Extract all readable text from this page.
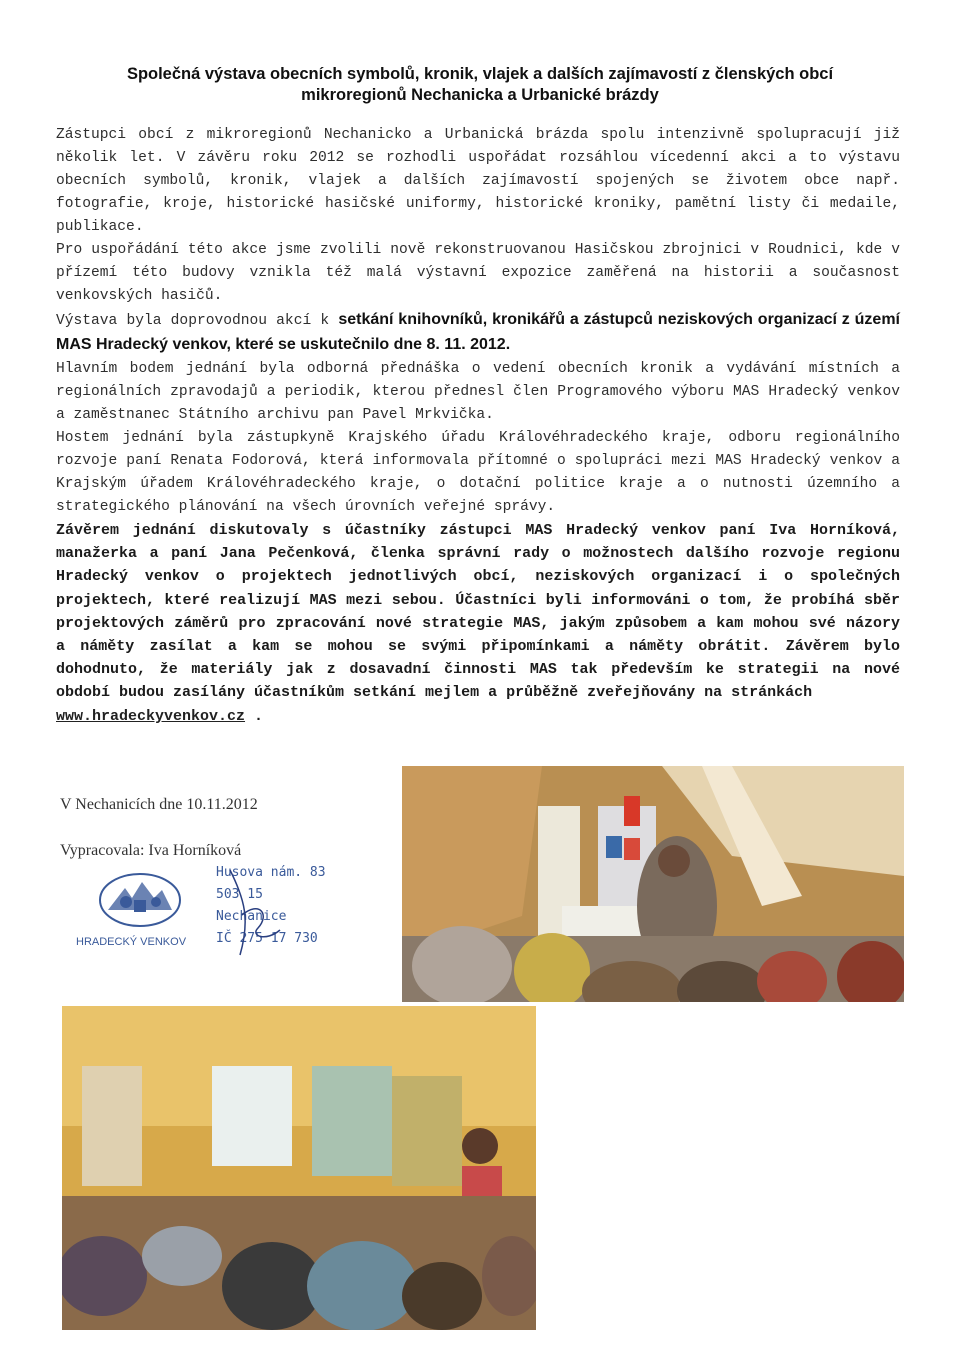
Společná výstava obecních symbolů, kronik, vlajek a dalších zajímavostí z členských obcí
mikroregionů Nechanicka a Urbanické brázdy

Zástupci obcí z mikroregionů Nechanicko a Urbanická brázda spolu intenzivně spolupracují již několik let. V závěru roku 2012 se rozhodli uspořádat rozsáhlou vícedenní akci a to výstavu obecních symbolů, kronik, vlajek a dalších zajímavostí spojených se životem obce např. fotografie, kroje, historické hasičské uniformy, historické kroniky, pamětní listy či medaile, publikace.

Pro uspořádání této akce jsme zvolili nově rekonstruovanou Hasičskou zbrojnici v Roudnici, kde v přízemí této budovy vznikla též malá výstavní expozice zaměřená na historii a současnost venkovských hasičů.

Výstava byla doprovodnou akcí k setkání knihovníků, kronikářů a zástupců neziskových organizací z území MAS Hradecký venkov, které se uskutečnilo dne 8. 11. 2012.

Hlavním bodem jednání byla odborná přednáška o vedení obecních kronik a vydávání místních a regionálních zpravodajů a periodik, kterou přednesl člen Programového výboru MAS Hradecký venkov a zaměstnanec Státního archivu pan Pavel Mrkvička.

Hostem jednání byla zástupkyně Krajského úřadu Královéhradeckého kraje, odboru regionálního rozvoje paní Renata Fodorová, která informovala přítomné o spolupráci mezi MAS Hradecký venkov a Krajským úřadem Královéhradeckého kraje, o dotační politice kraje a o nutnosti územního a strategického plánování na všech úrovních veřejné správy.

Závěrem jednání diskutovaly s účastníky zástupci MAS Hradecký venkov paní Iva Horníková, manažerka a paní Jana Pečenková, členka správní rady o možnostech dalšího rozvoje regionu Hradecký venkov o projektech jednotlivých obcí, neziskových organizací i o společných projektech, které realizují MAS mezi sebou. Účastníci byli informováni o tom, že probíhá sběr projektových záměrů pro zpracování nové strategie MAS, jakým způsobem a kam mohou své názory a náměty zasílat a kam se mohou se svými připomínkami a náměty obrátit. Závěrem bylo dohodnuto, že materiály jak z dosavadní činnosti MAS tak především ke strategii na nové období budou zasílány účastníkům setkání mejlem a průběžně zveřejňovány na stránkách
www.hradeckyvenkov.cz .

V Nechanicích dne 10.11.2012
Vypracovala: Iva Horníková
HRADECKÝ VENKOV
Husova nám. 83
503 15
Nechanice
IČ 275 17 730
